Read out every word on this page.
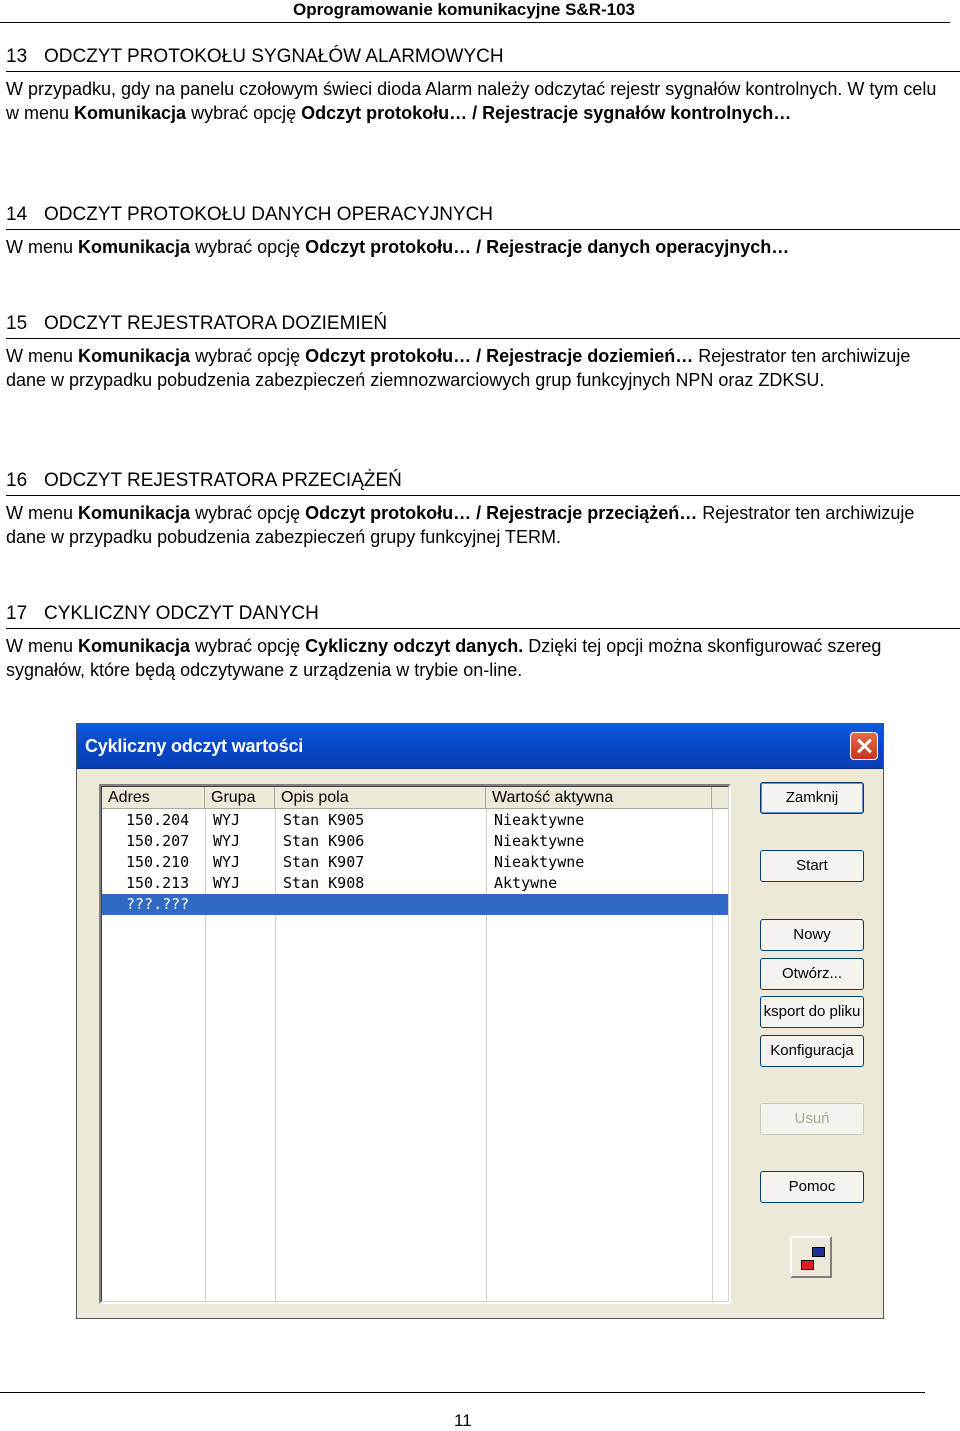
Oprogramowanie komunikacyjne S&R-103
13 ODCZYT PROTOKOŁU SYGNAŁÓW ALARMOWYCH
W przypadku, gdy na panelu czołowym świeci dioda Alarm należy odczytać rejestr sygnałów kontrolnych. W tym celu w menu Komunikacja wybrać opcję Odczyt protokołu… / Rejestracje sygnałów kontrolnych…
14 ODCZYT PROTOKOŁU DANYCH OPERACYJNYCH
W menu Komunikacja wybrać opcję Odczyt protokołu… / Rejestracje danych operacyjnych…
15 ODCZYT REJESTRATORA DOZIEMIEŃ
W menu Komunikacja wybrać opcję Odczyt protokołu… / Rejestracje doziemień… Rejestrator ten archiwizuje dane w przypadku pobudzenia zabezpieczeń ziemnozwarciowych grup funkcyjnych NPN oraz ZDKSU.
16 ODCZYT REJESTRATORA PRZECIĄŻEŃ
W menu Komunikacja wybrać opcję Odczyt protokołu… / Rejestracje przeciążeń… Rejestrator ten archiwizuje dane w przypadku pobudzenia zabezpieczeń grupy funkcyjnej TERM.
17 CYKLICZNY ODCZYT DANYCH
W menu Komunikacja wybrać opcję Cykliczny odczyt danych. Dzięki tej opcji można skonfigurować szereg sygnałów, które będą odczytywane z urządzenia w trybie on-line.
Cykliczny odczyt wartości
Adres	Grupa	Opis pola	Wartość aktywna
150.204 WYJ	Stan K905	Nieaktywne
150.207 WYJ	Stan K906	Nieaktywne
150.210 WYJ	Stan K907	Nieaktywne
150.213 WYJ	Stan K908	Aktywne
???.???
Zamknij
Start
Nowy
Otwórz...
ksport do pliku
Konfiguracja
Usuń
Pomoc
11
